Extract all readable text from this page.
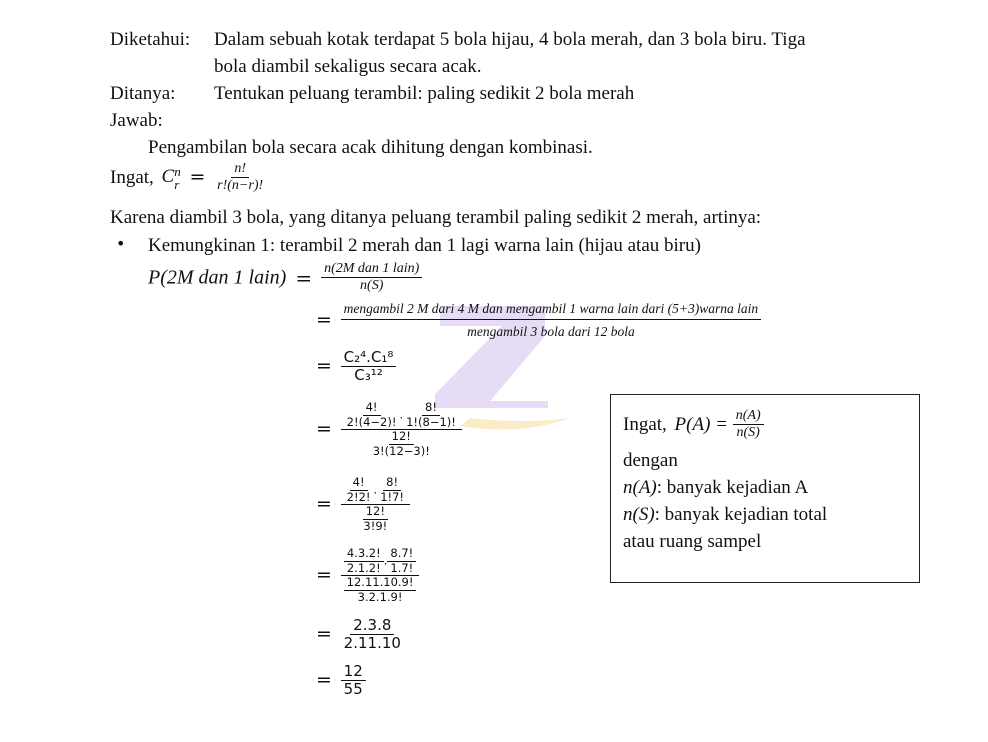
Diketahui: Dalam sebuah kotak terdapat 5 bola hijau, 4 bola merah, dan 3 bola biru. Tiga
bola diambil sekaligus secara acak.
Ditanya: Tentukan peluang terambil: paling sedikit 2 bola merah
Jawab:
Pengambilan bola secara acak dihitung dengan kombinasi.
Ingat, C n
$r = \frac{n!}{r!(n-r)!}$
Karena diambil 3 bola, yang ditanya peluang terambil paling sedikit 2 merah, artinya:
• Kemungkinan 1: terambil 2 merah dan 1 lagi warna lain (hijau atau biru)
P(2M dan 1 lain) = $\frac{\text{n(2M dan 1 lain)}}{n(S)}$
= mengambil 2 M dari 4 M dan mengambil 1 warna lain dari (5+3)warna lain
mengambil 3 bola dari 12 bola
= $\frac{\text{C₂⁴.C₁⁸}}{\text{C₃¹²}}$
= $\frac{\frac{4!}{2!(4-2)!} . \frac{8!}{1!(8-1)!}}{\frac{12!}{3!(12-3)!}}$
= $\frac{\frac{4!}{2!2!} . \frac{8!}{1!7!}}{\frac{12!}{3!9!}}$
= $\frac{\frac{4.3.2!}{2.1.2!} . \frac{8.7!}{1.7!}}{\frac{12.11.10.9!}{3.2.1.9!}}$
= $\frac{2.3.8}{2.11.10}$
= $\frac{12}{55}$
Ingat, $P(A) = \frac{n(A)}{n(S)}$
dengan
n(A): banyak kejadian A
n(S): banyak kejadian total
atau ruang sampel
